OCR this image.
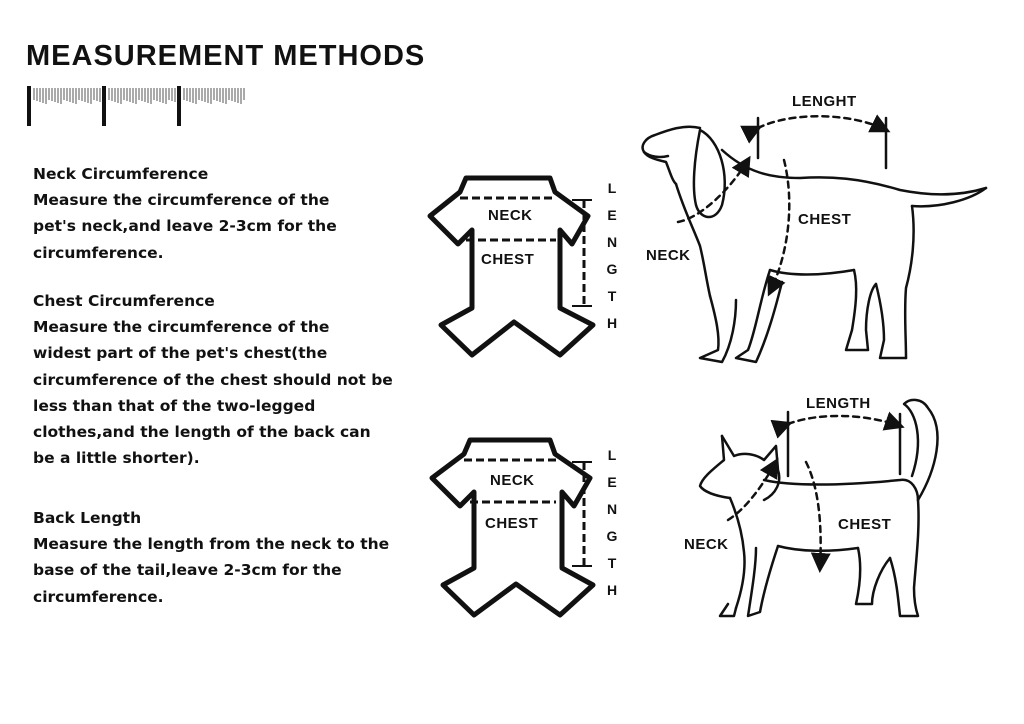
MEASUREMENT METHODS

Neck Circumference

Measure the circumference of the

pet's neck,and leave 2-3cm for the

circumference.

Chest Circumference

Measure the circumference of the

widest part of the pet's chest(the

circumference of the chest should not be

less than that of the two-legged

clothes,and the length of the back can

be a little shorter).

Back Length

Measure the length from the neck to the

base of the tail,leave 2-3cm for the

circumference.

NECK
CHEST
L
E
N
G
T
H
NECK
CHEST
L
E
N
G
T
H
LENGHT
NECK
CHEST
LENGTH
NECK
CHEST
